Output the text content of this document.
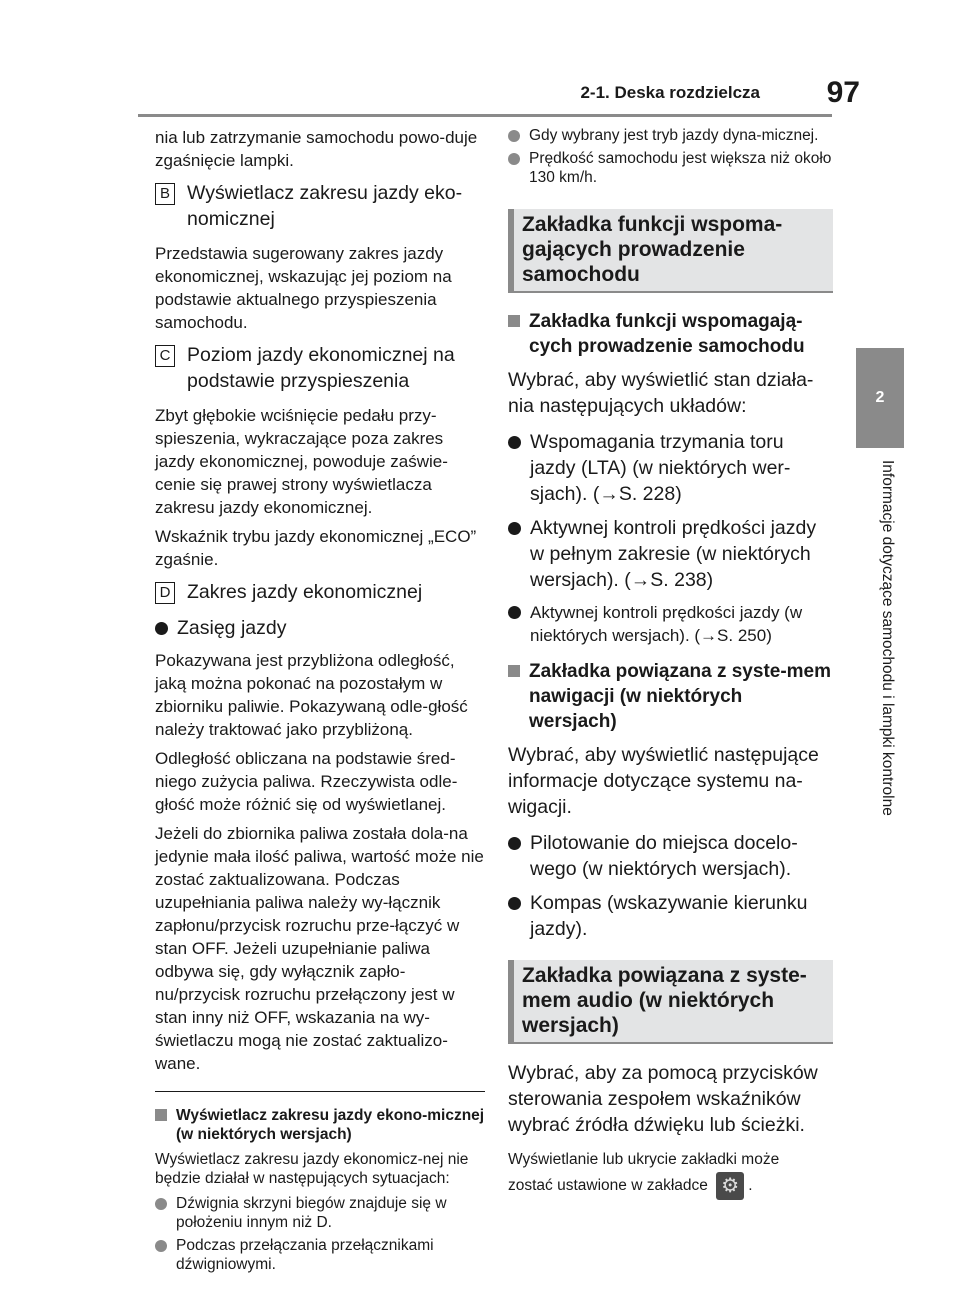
2-1. Deska rozdzielcza	97
2
Informacje dotyczące samochodu i lampki kontrolne

nia lub zatrzymanie samochodu powo-duje zgaśnięcie lampki.

B Wyświetlacz zakresu jazdy eko-nomicznej

Przedstawia sugerowany zakres jazdy ekonomicznej, wskazując jej poziom na podstawie aktualnego przyspieszenia samochodu.

C Poziom jazdy ekonomicznej na podstawie przyspieszenia

Zbyt głębokie wciśnięcie pedału przy-spieszenia, wykraczające poza zakres jazdy ekonomicznej, powoduje zaświe-cenie się prawej strony wyświetlacza zakresu jazdy ekonomicznej.

Wskaźnik trybu jazdy ekonomicznej „ECO” zgaśnie.

D Zakres jazdy ekonomicznej
Zasięg jazdy

Pokazywana jest przybliżona odległość, jaką można pokonać na pozostałym w zbiorniku paliwie. Pokazywaną odle-głość należy traktować jako przybliżoną.

Odległość obliczana na podstawie śred-niego zużycia paliwa. Rzeczywista odle-głość może różnić się od wyświetlanej.

Jeżeli do zbiornika paliwa została dola-na jedynie mała ilość paliwa, wartość może nie zostać zaktualizowana. Podczas uzupełniania paliwa należy wy-łącznik zapłonu/przycisk rozruchu prze-łączyć w stan OFF. Jeżeli uzupełnianie paliwa odbywa się, gdy wyłącznik zapło-nu/przycisk rozruchu przełączony jest w stan inny niż OFF, wskazania na wy-świetlaczu mogą nie zostać zaktualizo-wane.

Wyświetlacz zakresu jazdy ekono-micznej (w niektórych wersjach)

Wyświetlacz zakresu jazdy ekonomicz-nej nie będzie działał w następujących sytuacjach:

Dźwignia skrzyni biegów znajduje się w położeniu innym niż D.
Podczas przełączania przełącznikami dźwigniowymi.
Gdy wybrany jest tryb jazdy dyna-micznej.
Prędkość samochodu jest większa niż około 130 km/h.
Zakładka funkcji wspoma-gających prowadzenie samochodu
Zakładka funkcji wspomagają-cych prowadzenie samochodu

Wybrać, aby wyświetlić stan działa-nia następujących układów:

Wspomagania trzymania toru jazdy (LTA) (w niektórych wer-sjach). (→S. 228)
Aktywnej kontroli prędkości jazdy w pełnym zakresie (w niektórych wersjach). (→S. 238)
Aktywnej kontroli prędkości jazdy (w niektórych wersjach). (→S. 250)
Zakładka powiązana z syste-mem nawigacji (w niektórych wersjach)

Wybrać, aby wyświetlić następujące informacje dotyczące systemu na-wigacji.

Pilotowanie do miejsca docelo-wego (w niektórych wersjach).
Kompas (wskazywanie kierunku jazdy).
Zakładka powiązana z syste-mem audio (w niektórych wersjach)

Wybrać, aby za pomocą przycisków sterowania zespołem wskaźników wybrać źródła dźwięku lub ścieżki.

Wyświetlanie lub ukrycie zakładki może
zostać ustawione w zakładce ⚙ .
